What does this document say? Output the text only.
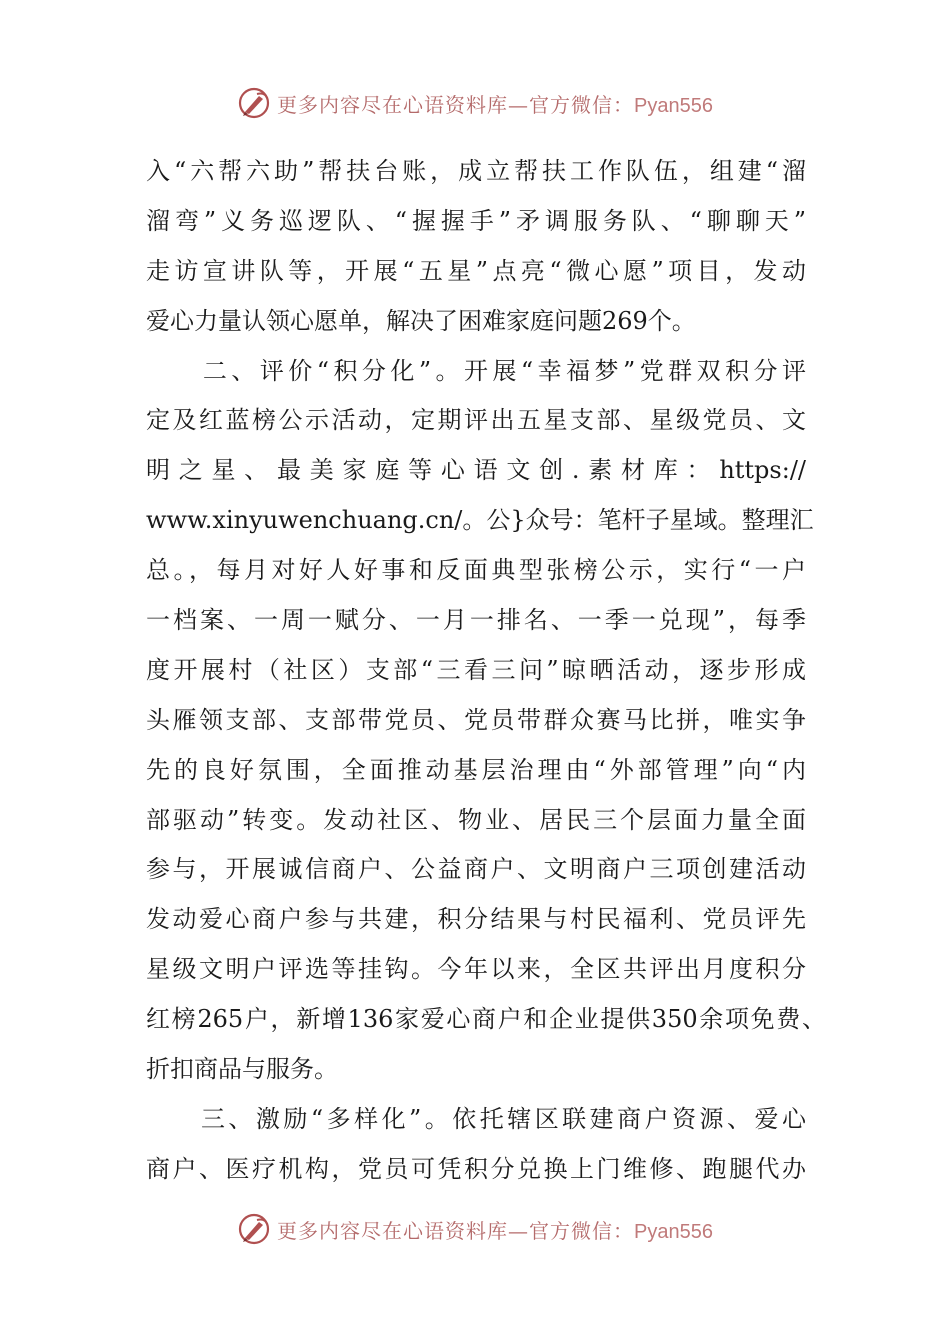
更多内容尽在心语资料库—官方微信：Pyan556
入“六帮六助”帮扶台账，成立帮扶工作队伍，组建“溜
溜弯”义务巡逻队、“握握手”矛调服务队、“聊聊天”
走访宣讲队等，开展“五星”点亮“微心愿”项目，发动
爱心力量认领心愿单，解决了困难家庭问题269个。
　　二、评价“积分化”。开展“幸福梦”党群双积分评
定及红蓝榜公示活动，定期评出五星支部、星级党员、文
明之星、最美家庭等心语文创.素材库：https://
www.xinyuwenchuang.cn/。公}众号：笔杆子星域。整理汇
总。，每月对好人好事和反面典型张榜公示，实行“一户
一档案、一周一赋分、一月一排名、一季一兑现”，每季
度开展村（社区）支部“三看三问”晾晒活动，逐步形成
头雁领支部、支部带党员、党员带群众赛马比拼，唯实争
先的良好氛围，全面推动基层治理由“外部管理”向“内
部驱动”转变。发动社区、物业、居民三个层面力量全面
参与，开展诚信商户、公益商户、文明商户三项创建活动
发动爱心商户参与共建，积分结果与村民福利、党员评先
星级文明户评选等挂钩。今年以来，全区共评出月度积分
红榜265户，新增136家爱心商户和企业提供350余项免费、
折扣商品与服务。
　　三、激励“多样化”。依托辖区联建商户资源、爱心
商户、医疗机构，党员可凭积分兑换上门维修、跑腿代办
更多内容尽在心语资料库—官方微信：Pyan556
